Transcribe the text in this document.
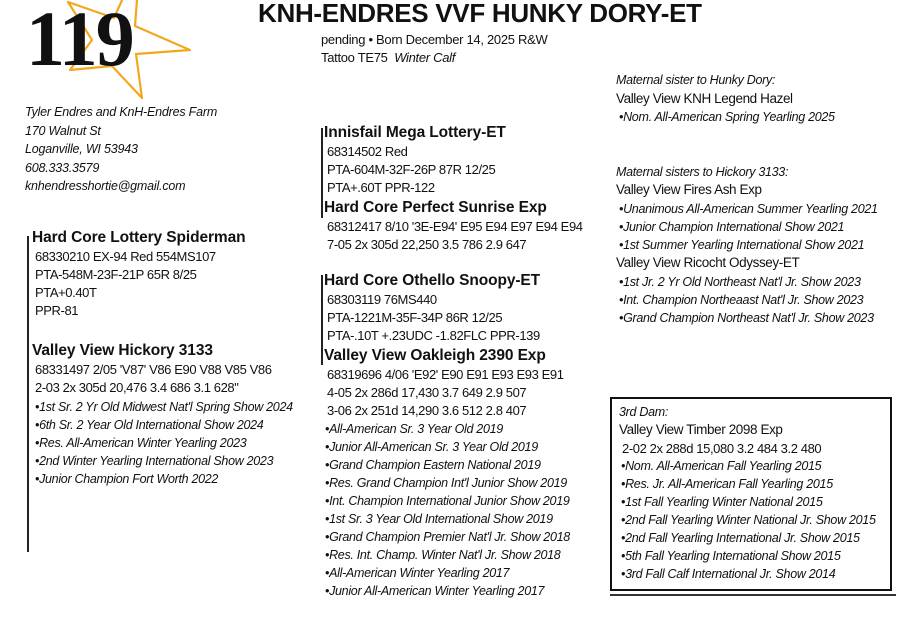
119	KNH-ENDRES VVF HUNKY DORY-ET
pending • Born December 14, 2025 R&W
Tattoo TE75 Winter Calf
Tyler Endres and KnH-Endres Farm
170 Walnut St
Loganville, WI 53943
608.333.3579
knhendresshortie@gmail.com
Hard Core Lottery Spiderman
68330210 EX-94 Red 554MS107
PTA-548M-23F-21P 65R 8/25
PTA+0.40T
PPR-81
Valley View Hickory 3133
68331497 2/05 'V87' V86 E90 V88 V85 V86
2-03 2x 305d 20,476 3.4 686 3.1 628"
•1st Sr. 2 Yr Old Midwest Nat'l Spring Show 2024
•6th Sr. 2 Year Old International Show 2024
•Res. All-American Winter Yearling 2023
•2nd Winter Yearling International Show 2023
•Junior Champion Fort Worth 2022
Innisfail Mega Lottery-ET
68314502 Red
PTA-604M-32F-26P 87R 12/25
PTA+.60T PPR-122
Hard Core Perfect Sunrise Exp
68312417 8/10 '3E-E94' E95 E94 E97 E94 E94
7-05 2x 305d 22,250 3.5 786 2.9 647
Hard Core Othello Snoopy-ET
68303119 76MS440
PTA-1221M-35F-34P 86R 12/25
PTA-.10T +.23UDC -1.82FLC PPR-139
Valley View Oakleigh 2390 Exp
68319696 4/06 'E92' E90 E91 E93 E93 E91
4-05 2x 286d 17,430 3.7 649 2.9 507
3-06 2x 251d 14,290 3.6 512 2.8 407
•All-American Sr. 3 Year Old 2019
•Junior All-American Sr. 3 Year Old 2019
•Grand Champion Eastern National 2019
•Res. Grand Champion Int'l Junior Show 2019
•Int. Champion International Junior Show 2019
•1st Sr. 3 Year Old International Show 2019
•Grand Champion Premier Nat'l Jr. Show 2018
•Res. Int. Champ. Winter Nat'l Jr. Show 2018
•All-American Winter Yearling 2017
•Junior All-American Winter Yearling 2017
Maternal sister to Hunky Dory:
Valley View KNH Legend Hazel
•Nom. All-American Spring Yearling 2025
Maternal sisters to Hickory 3133:
Valley View Fires Ash Exp
•Unanimous All-American Summer Yearling 2021
•Junior Champion International Show 2021
•1st Summer Yearling International Show 2021
Valley View Ricocht Odyssey-ET
•1st Jr. 2 Yr Old Northeast Nat'l Jr. Show 2023
•Int. Champion Northeaast Nat'l Jr. Show 2023
•Grand Champion Northeast Nat'l Jr. Show 2023
3rd Dam:
Valley View Timber 2098 Exp
2-02 2x 288d 15,080 3.2 484 3.2 480
•Nom. All-American Fall Yearling 2015
•Res. Jr. All-American Fall Yearling 2015
•1st Fall Yearling Winter National 2015
•2nd Fall Yearling Winter National Jr. Show 2015
•2nd Fall Yearling International Jr. Show 2015
•5th Fall Yearling International Show 2015
•3rd Fall Calf International Jr. Show 2014
